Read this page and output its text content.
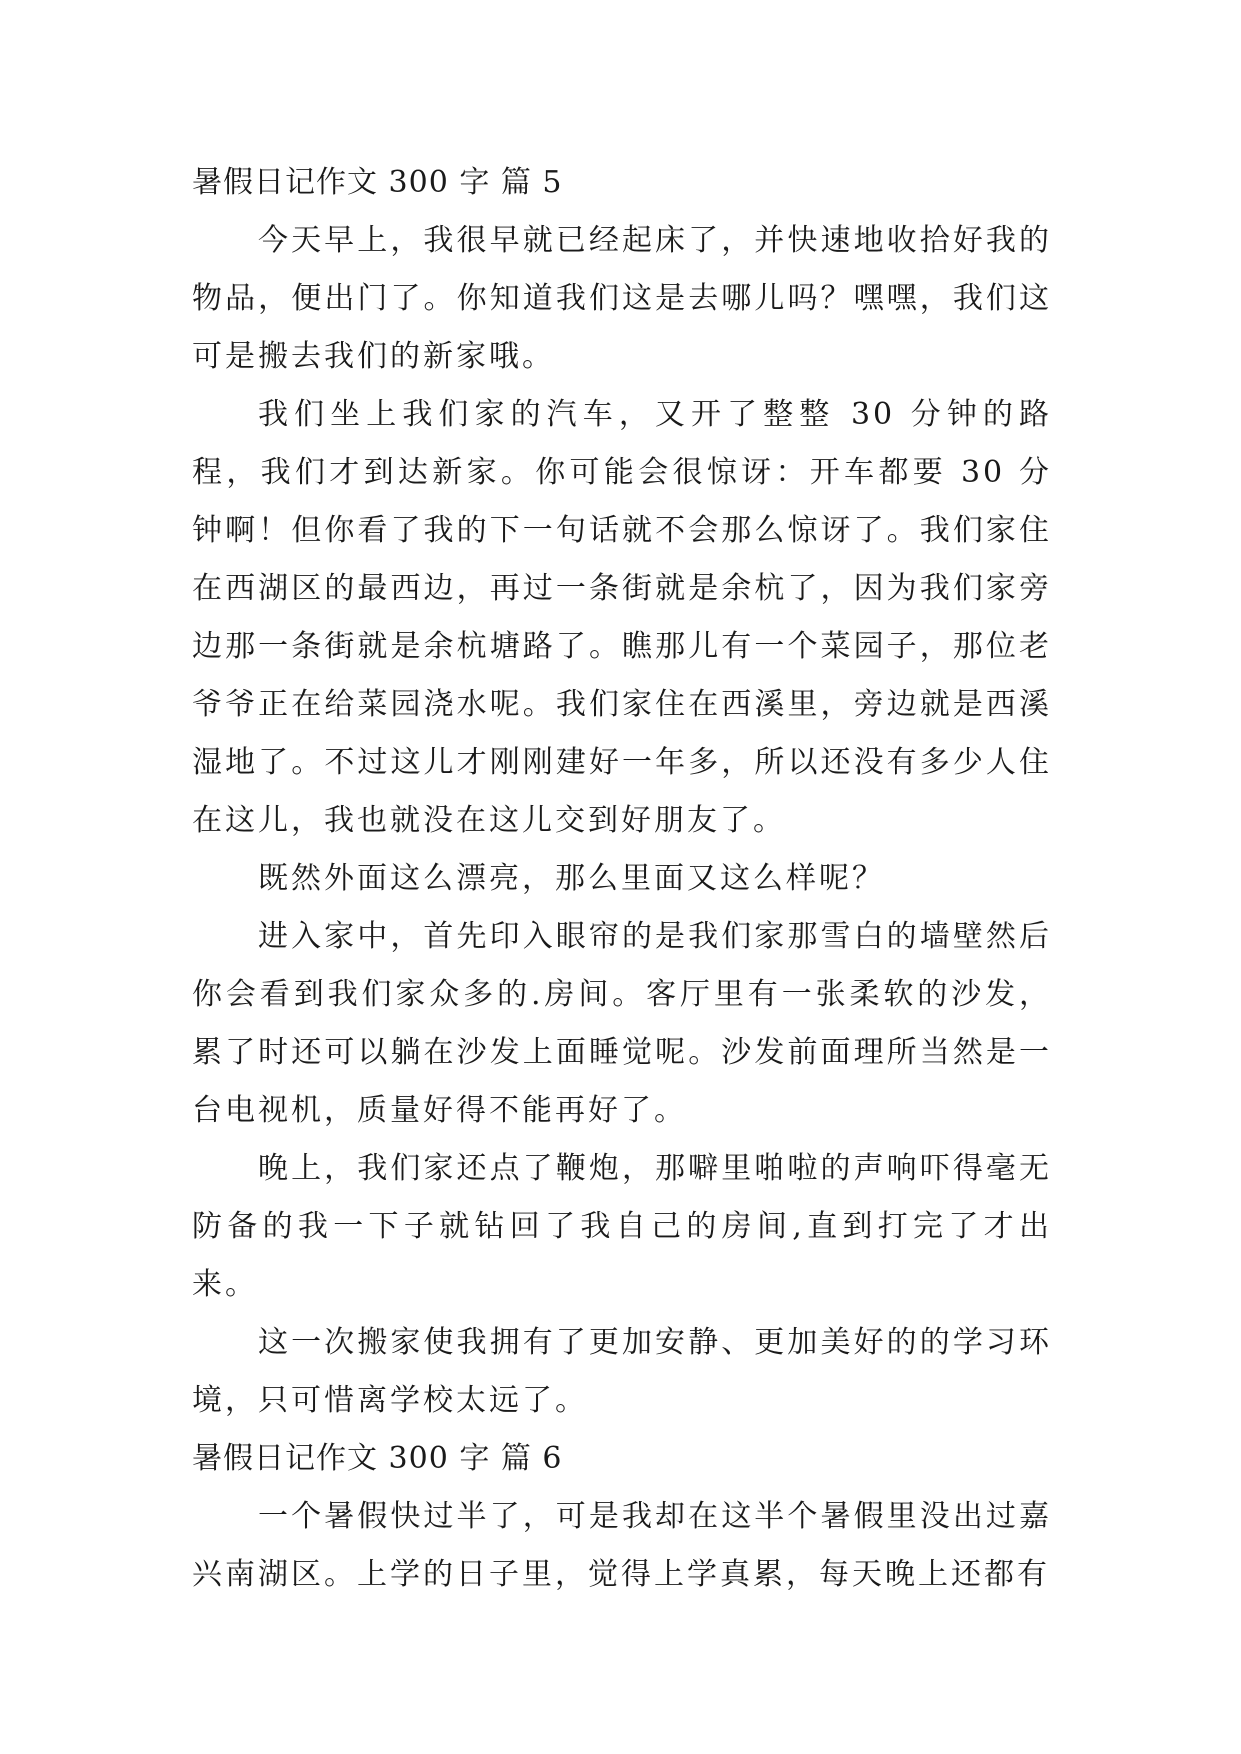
暑假日记作文 300 字 篇 5

今天早上，我很早就已经起床了，并快速地收拾好我的物品，便出门了。你知道我们这是去哪儿吗？嘿嘿，我们这可是搬去我们的新家哦。

我们坐上我们家的汽车，又开了整整 30 分钟的路程，我们才到达新家。你可能会很惊讶：开车都要 30 分钟啊！但你看了我的下一句话就不会那么惊讶了。我们家住在西湖区的最西边，再过一条街就是余杭了，因为我们家旁边那一条街就是余杭塘路了。瞧那儿有一个菜园子，那位老爷爷正在给菜园浇水呢。我们家住在西溪里，旁边就是西溪湿地了。不过这儿才刚刚建好一年多，所以还没有多少人住在这儿，我也就没在这儿交到好朋友了。

既然外面这么漂亮，那么里面又这么样呢？

进入家中，首先印入眼帘的是我们家那雪白的墙壁然后你会看到我们家众多的.房间。客厅里有一张柔软的沙发，累了时还可以躺在沙发上面睡觉呢。沙发前面理所当然是一台电视机，质量好得不能再好了。

晚上，我们家还点了鞭炮，那噼里啪啦的声响吓得毫无防备的我一下子就钻回了我自己的房间,直到打完了才出来。

这一次搬家使我拥有了更加安静、更加美好的的学习环境，只可惜离学校太远了。

暑假日记作文 300 字 篇 6

一个暑假快过半了，可是我却在这半个暑假里没出过嘉兴南湖区。上学的日子里，觉得上学真累，每天晚上还都有
